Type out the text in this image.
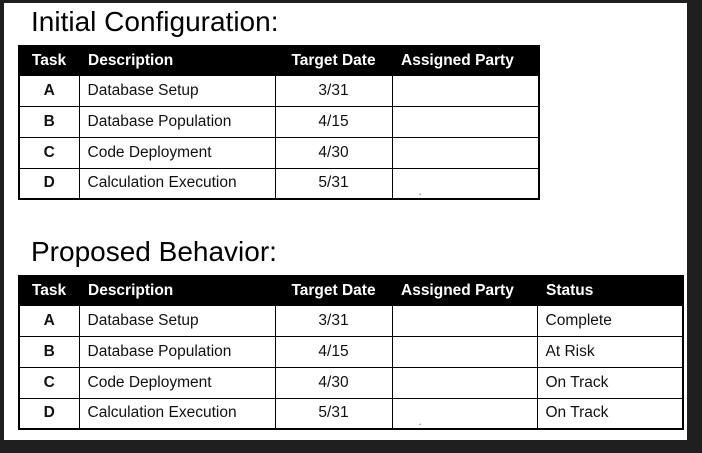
Initial Configuration:
Task	Description	Target Date	Assigned Party
A	Database Setup	3/31	
B	Database Population	4/15	
C	Code Deployment	4/30	
D	Calculation Execution	5/31	$_ˏ$
Proposed Behavior:
Task	Description	Target Date	Assigned Party	Status
A	Database Setup	3/31		Complete
B	Database Population	4/15		At Risk
C	Code Deployment	4/30		On Track
D	Calculation Execution	5/31	$_ˏ$	On Track
